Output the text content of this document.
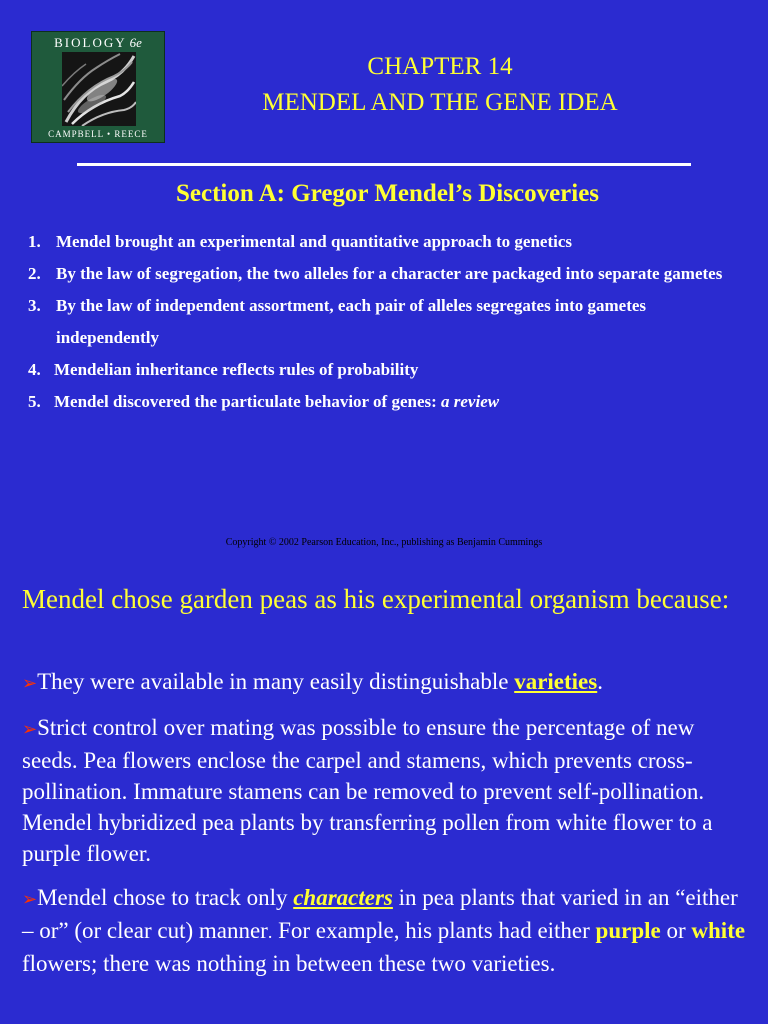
BIOLOGY 6e
CAMPBELL • REECE
CHAPTER 14
MENDEL AND THE GENE IDEA
Section A: Gregor Mendel’s Discoveries
1. Mendel brought an experimental and quantitative approach to genetics
2. By the law of segregation, the two alleles for a character are packaged into separate gametes
3. By the law of independent assortment, each pair of alleles segregates into gametes independently
4. Mendelian inheritance reflects rules of probability
5. Mendel discovered the particulate behavior of genes: a review
Copyright © 2002 Pearson Education, Inc., publishing as Benjamin Cummings
Mendel chose garden peas as his experimental organism because:
➢They were available in many easily distinguishable varieties.
➢Strict control over mating was possible to ensure the percentage of new seeds. Pea flowers enclose the carpel and stamens, which prevents cross-pollination. Immature stamens can be removed to prevent self-pollination. Mendel hybridized pea plants by transferring pollen from white flower to a purple flower.
➢Mendel chose to track only characters in pea plants that varied in an “either – or” (or clear cut) manner. For example, his plants had either purple or white flowers; there was nothing in between these two varieties.
